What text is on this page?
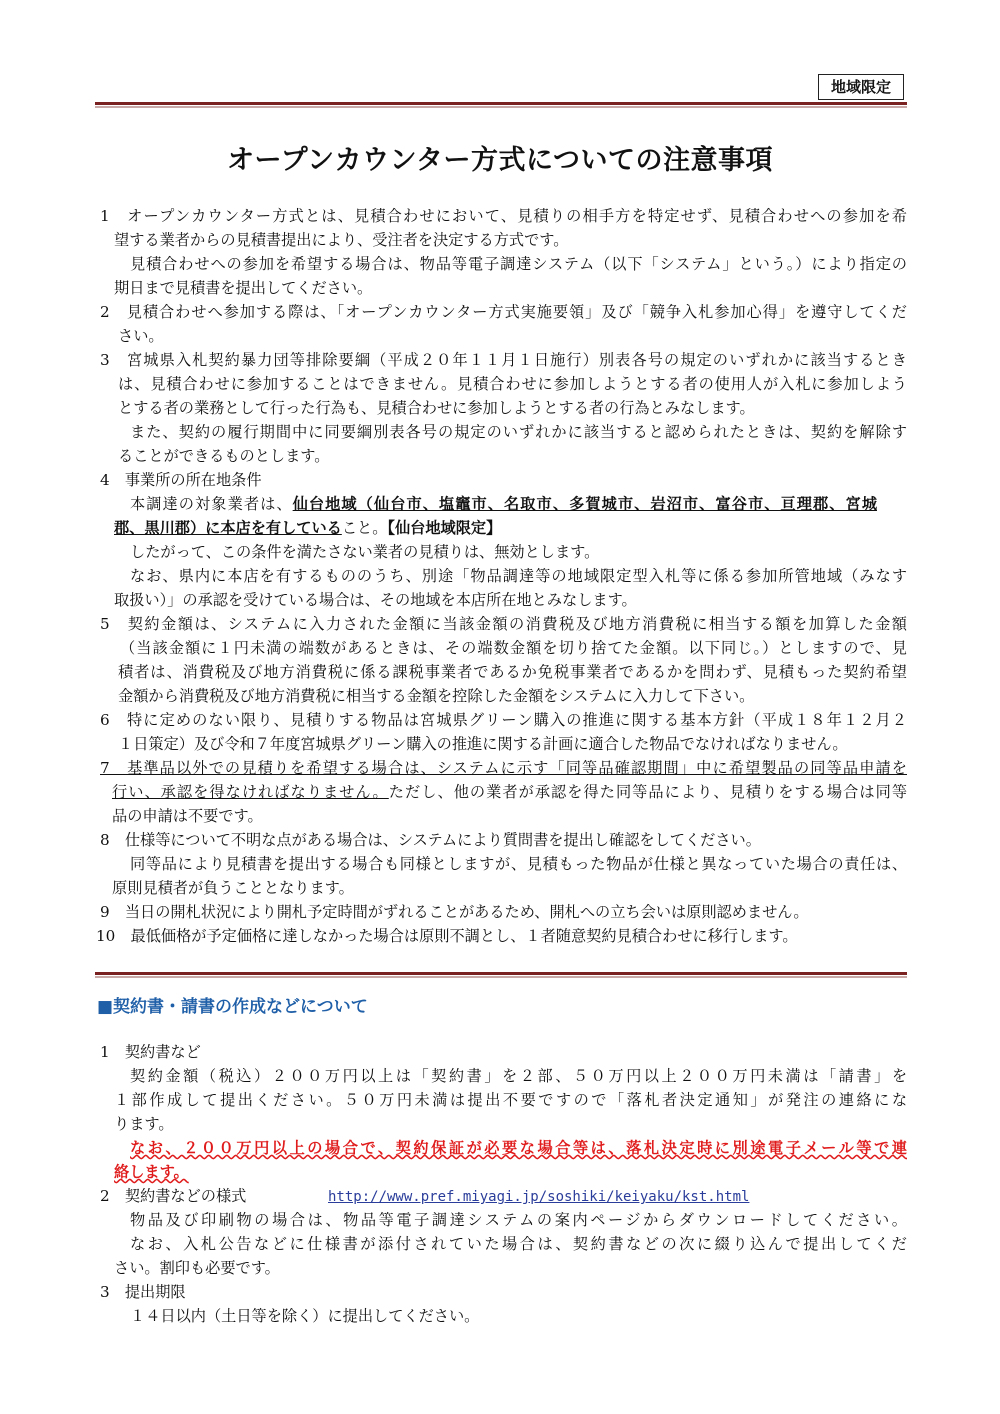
地域限定
オープンカウンター方式についての注意事項
1　オープンカウンター方式とは、見積合わせにおいて、見積りの相手方を特定せず、見積合わせへの参加を希
望する業者からの見積書提出により、受注者を決定する方式です。
見積合わせへの参加を希望する場合は、物品等電子調達システム（以下「システム」という。）により指定の
期日まで見積書を提出してください。
2　見積合わせへ参加する際は、「オープンカウンター方式実施要領」及び「競争入札参加心得」を遵守してくだ
さい。
3　宮城県入札契約暴力団等排除要綱（平成２０年１１月１日施行）別表各号の規定のいずれかに該当するとき
は、見積合わせに参加することはできません。見積合わせに参加しようとする者の使用人が入札に参加しよう
とする者の業務として行った行為も、見積合わせに参加しようとする者の行為とみなします。
また、契約の履行期間中に同要綱別表各号の規定のいずれかに該当すると認められたときは、契約を解除す
ることができるものとします。
4　事業所の所在地条件
本調達の対象業者は、仙台地域（仙台市、塩竈市、名取市、多賀城市、岩沼市、富谷市、亘理郡、宮城
郡、黒川郡）に本店を有していること。【仙台地域限定】
したがって、この条件を満たさない業者の見積りは、無効とします。
なお、県内に本店を有するもののうち、別途「物品調達等の地域限定型入札等に係る参加所管地域（みなす
取扱い）」の承認を受けている場合は、その地域を本店所在地とみなします。
5　契約金額は、システムに入力された金額に当該金額の消費税及び地方消費税に相当する額を加算した金額
（当該金額に１円未満の端数があるときは、その端数金額を切り捨てた金額。以下同じ。）としますので、見
積者は、消費税及び地方消費税に係る課税事業者であるか免税事業者であるかを問わず、見積もった契約希望
金額から消費税及び地方消費税に相当する金額を控除した金額をシステムに入力して下さい。
6　特に定めのない限り、見積りする物品は宮城県グリーン購入の推進に関する基本方針（平成１８年１２月２
１日策定）及び令和７年度宮城県グリーン購入の推進に関する計画に適合した物品でなければなりません。
7　基準品以外での見積りを希望する場合は、システムに示す「同等品確認期間」中に希望製品の同等品申請を
行い、承認を得なければなりません。ただし、他の業者が承認を得た同等品により、見積りをする場合は同等
品の申請は不要です。
8　仕様等について不明な点がある場合は、システムにより質問書を提出し確認をしてください。
同等品により見積書を提出する場合も同様としますが、見積もった物品が仕様と異なっていた場合の責任は、
原則見積者が負うこととなります。
9　当日の開札状況により開札予定時間がずれることがあるため、開札への立ち会いは原則認めません。
10　最低価格が予定価格に達しなかった場合は原則不調とし、１者随意契約見積合わせに移行します。
■契約書・請書の作成などについて
1　契約書など
契約金額（税込）２００万円以上は「契約書」を２部、５０万円以上２００万円未満は「請書」を
１部作成して提出ください。５０万円未満は提出不要ですので「落札者決定通知」が発注の連絡にな
ります。
なお、２００万円以上の場合で、契約保証が必要な場合等は、落札決定時に別途電子メール等で連
絡します。
2　契約書などの様式	http://www.pref.miyagi.jp/soshiki/keiyaku/kst.html
物品及び印刷物の場合は、物品等電子調達システムの案内ページからダウンロードしてください。
なお、入札公告などに仕様書が添付されていた場合は、契約書などの次に綴り込んで提出してくだ
さい。割印も必要です。
3　提出期限
１４日以内（土日等を除く）に提出してください。
